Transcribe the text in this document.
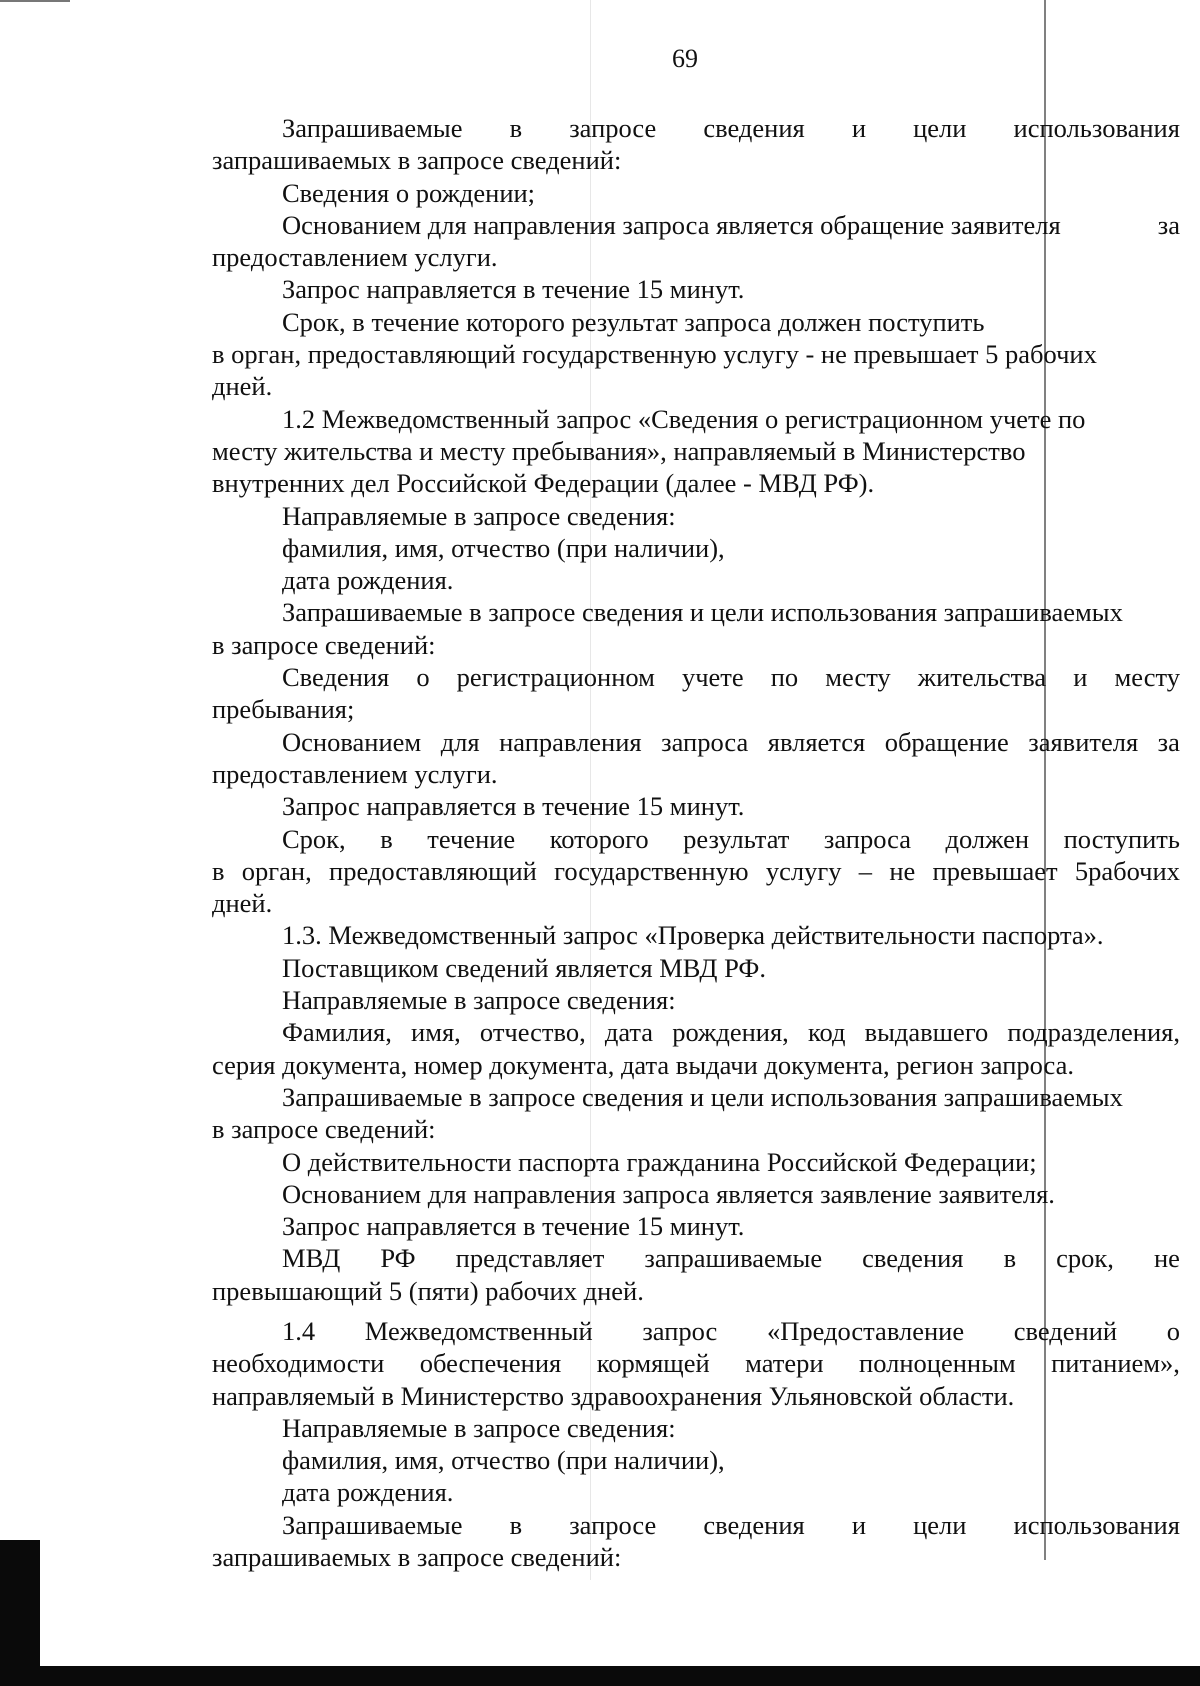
69
Запрашиваемые в запросе сведения и цели использования
запрашиваемых в запросе сведений:
Сведения о рождении;
Основанием для направления запроса является обращение заявителя	за
предоставлением услуги.
Запрос направляется в течение 15 минут.
Срок, в течение которого результат запроса должен поступить
в орган, предоставляющий государственную услугу - не превышает 5 рабочих
дней.
1.2 Межведомственный запрос «Сведения о регистрационном учете по
месту жительства и месту пребывания», направляемый в Министерство
внутренних дел Российской Федерации (далее - МВД РФ).
Направляемые в запросе сведения:
фамилия, имя, отчество (при наличии),
дата рождения.
Запрашиваемые в запросе сведения и цели использования запрашиваемых
в запросе сведений:
Сведения о регистрационном учете по месту жительства и месту
пребывания;
Основанием для направления запроса является обращение заявителя за
предоставлением услуги.
Запрос направляется в течение 15 минут.
Срок, в течение которого результат запроса должен поступить
в орган, предоставляющий государственную услугу – не превышает 5рабочих
дней.
1.3. Межведомственный запрос «Проверка действительности паспорта».
Поставщиком сведений является МВД РФ.
Направляемые в запросе сведения:
Фамилия, имя, отчество, дата рождения, код выдавшего подразделения,
серия документа, номер документа, дата выдачи документа, регион запроса.
Запрашиваемые в запросе сведения и цели использования запрашиваемых
в запросе сведений:
О действительности паспорта гражданина Российской Федерации;
Основанием для направления запроса является заявление заявителя.
Запрос направляется в течение 15 минут.
МВД РФ представляет запрашиваемые сведения в срок, не
превышающий 5 (пяти) рабочих дней.
1.4 Межведомственный запрос «Предоставление сведений о
необходимости обеспечения кормящей матери полноценным питанием»,
направляемый в Министерство здравоохранения Ульяновской области.
Направляемые в запросе сведения:
фамилия, имя, отчество (при наличии),
дата рождения.
Запрашиваемые в запросе сведения и цели использования
запрашиваемых в запросе сведений:
